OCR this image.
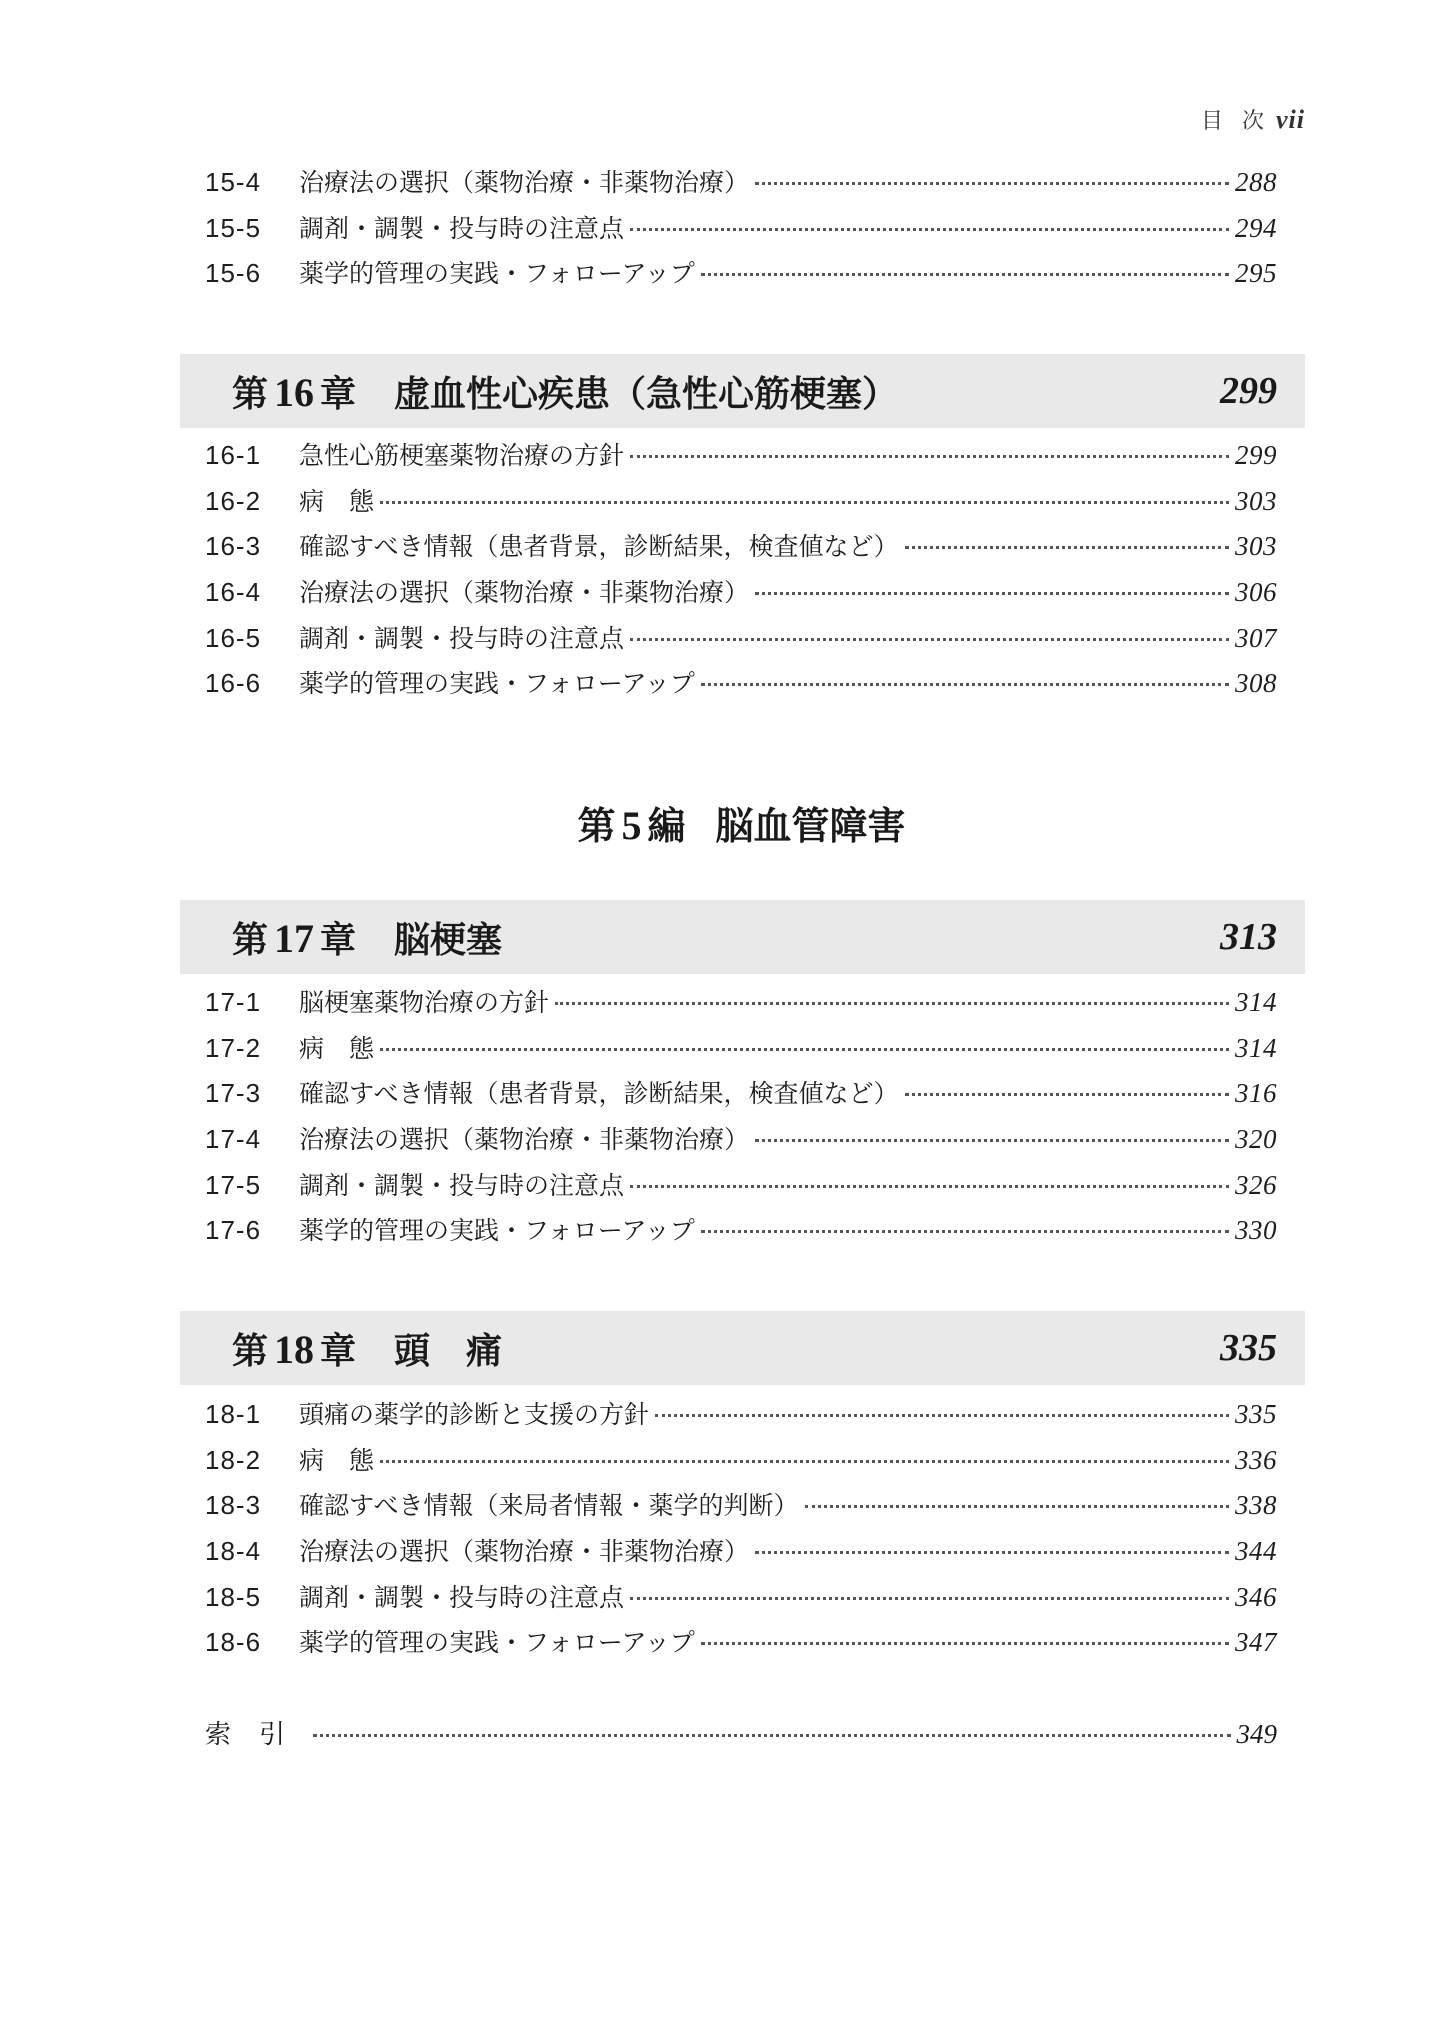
目 次 vii
15-4	治療法の選択（薬物治療・非薬物治療）	288
15-5	調剤・調製・投与時の注意点	294
15-6	薬学的管理の実践・フォローアップ	295
第 16 章 虚血性心疾患（急性心筋梗塞）	299
16-1	急性心筋梗塞薬物治療の方針	299
16-2	病　態	303
16-3	確認すべき情報（患者背景，診断結果，検査値など）	303
16-4	治療法の選択（薬物治療・非薬物治療）	306
16-5	調剤・調製・投与時の注意点	307
16-6	薬学的管理の実践・フォローアップ	308
第 5 編 脳血管障害
第 17 章 脳梗塞	313
17-1	脳梗塞薬物治療の方針	314
17-2	病　態	314
17-3	確認すべき情報（患者背景，診断結果，検査値など）	316
17-4	治療法の選択（薬物治療・非薬物治療）	320
17-5	調剤・調製・投与時の注意点	326
17-6	薬学的管理の実践・フォローアップ	330
第 18 章 頭　痛	335
18-1	頭痛の薬学的診断と支援の方針	335
18-2	病　態	336
18-3	確認すべき情報（来局者情報・薬学的判断）	338
18-4	治療法の選択（薬物治療・非薬物治療）	344
18-5	調剤・調製・投与時の注意点	346
18-6	薬学的管理の実践・フォローアップ	347
索引	349
